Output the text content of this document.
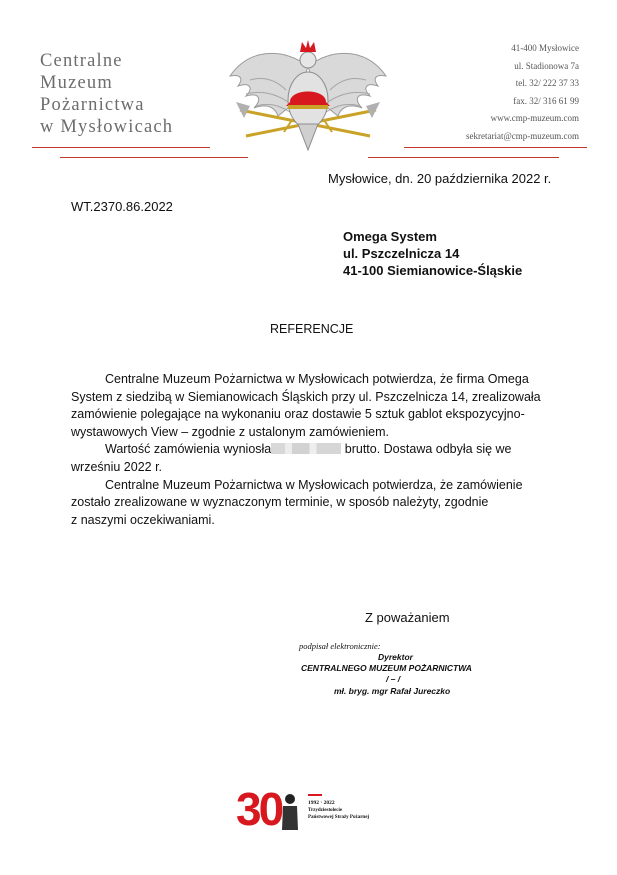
Centralne
Muzeum
Pożarnictwa
w Mysłowicach
41-400 Mysłowice
ul. Stadionowa 7a
tel. 32/ 222 37 33
fax. 32/ 316 61 99
www.cmp-muzeum.com
sekretariat@cmp-muzeum.com
Mysłowice, dn. 20 października 2022 r.
WT.2370.86.2022
Omega System
ul. Pszczelnicza 14
41-100 Siemianowice-Śląskie
REFERENCJE

Centralne Muzeum Pożarnictwa w Mysłowicach potwierdza, że firma Omega

System z siedzibą w Siemianowicach Śląskich przy ul. Pszczelnicza 14, zrealizowała

zamówienie polegające na wykonaniu oraz dostawie 5 sztuk gablot ekspozycyjno-

wystawowych View – zgodnie z ustalonym zamówieniem.

Wartość zamówienia wyniosła	brutto. Dostawa odbyła się we

wrześniu 2022 r.

Centralne Muzeum Pożarnictwa w Mysłowicach potwierdza, że zamówienie

zostało zrealizowane w wyznaczonym terminie, w sposób należyty, zgodnie

z naszymi oczekiwaniami.

Z poważaniem
podpisał elektronicznie:
Dyrektor
CENTRALNEGO MUZEUM POŻARNICTWA
/ – /
mł. bryg. mgr Rafał Jureczko
30	1992 · 2022
Trzydziestolecie
Państwowej Straży Pożarnej
